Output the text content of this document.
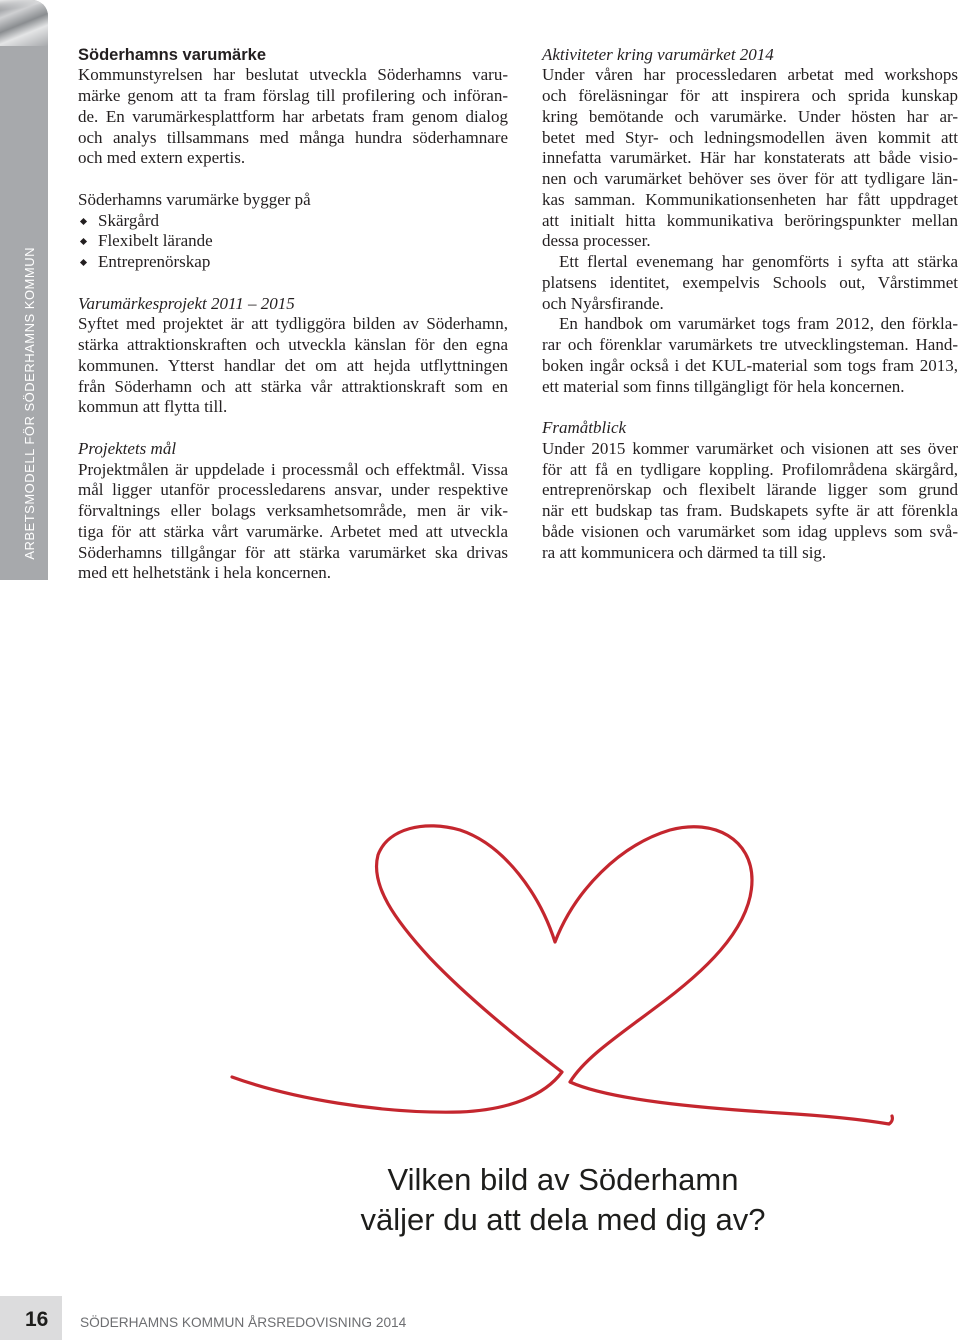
ARBETSMODELL FÖR SÖDERHAMNS KOMMUN
Söderhamns varumärke
Kommunstyrelsen har beslutat utveckla Söderhamns varu-
märke genom att ta fram förslag till profilering och införan-
de. En varumärkesplattform har arbetats fram genom dialog
och analys tillsammans med många hundra söderhamnare
och med extern expertis.
Söderhamns varumärke bygger på
Skärgård
Flexibelt lärande
Entreprenörskap
Varumärkesprojekt 2011 – 2015
Syftet med projektet är att tydliggöra bilden av Söderhamn,
stärka attraktionskraften och utveckla känslan för den egna
kommunen. Ytterst handlar det om att hejda utflyttningen
från Söderhamn och att stärka vår attraktionskraft som en
kommun att flytta till.
Projektets mål
Projektmålen är uppdelade i processmål och effektmål. Vissa
mål ligger utanför processledarens ansvar, under respektive
förvaltnings eller bolags verksamhetsområde, men är vik-
tiga för att stärka vårt varumärke. Arbetet med att utveckla
Söderhamns tillgångar för att stärka varumärket ska drivas
med ett helhetstänk i hela koncernen.
Aktiviteter kring varumärket 2014
Under våren har processledaren arbetat med workshops
och föreläsningar för att inspirera och sprida kunskap
kring bemötande och varumärke. Under hösten har ar-
betet med Styr- och ledningsmodellen även kommit att
innefatta varumärket. Här har konstaterats att både visio-
nen och varumärket behöver ses över för att tydligare län-
kas samman. Kommunikationsenheten har fått uppdraget
att initialt hitta kommunikativa beröringspunkter mellan
dessa processer.
Ett flertal evenemang har genomförts i syfta att stärka
platsens identitet, exempelvis Schools out, Vårstimmet
och Nyårsfirande.
En handbok om varumärket togs fram 2012, den förkla-
rar och förenklar varumärkets tre utvecklingsteman. Hand-
boken ingår också i det KUL-material som togs fram 2013,
ett material som finns tillgängligt för hela koncernen.
Framåtblick
Under 2015 kommer varumärket och visionen att ses över
för att få en tydligare koppling. Profilområdena skärgård,
entreprenörskap och flexibelt lärande ligger som grund
när ett budskap tas fram. Budskapets syfte är att förenkla
både visionen och varumärket som idag upplevs som svå-
ra att kommunicera och därmed ta till sig.
Vilken bild av Söderhamn
väljer du att dela med dig av?
16 SÖDERHAMNS KOMMUN ÅRSREDOVISNING 2014
